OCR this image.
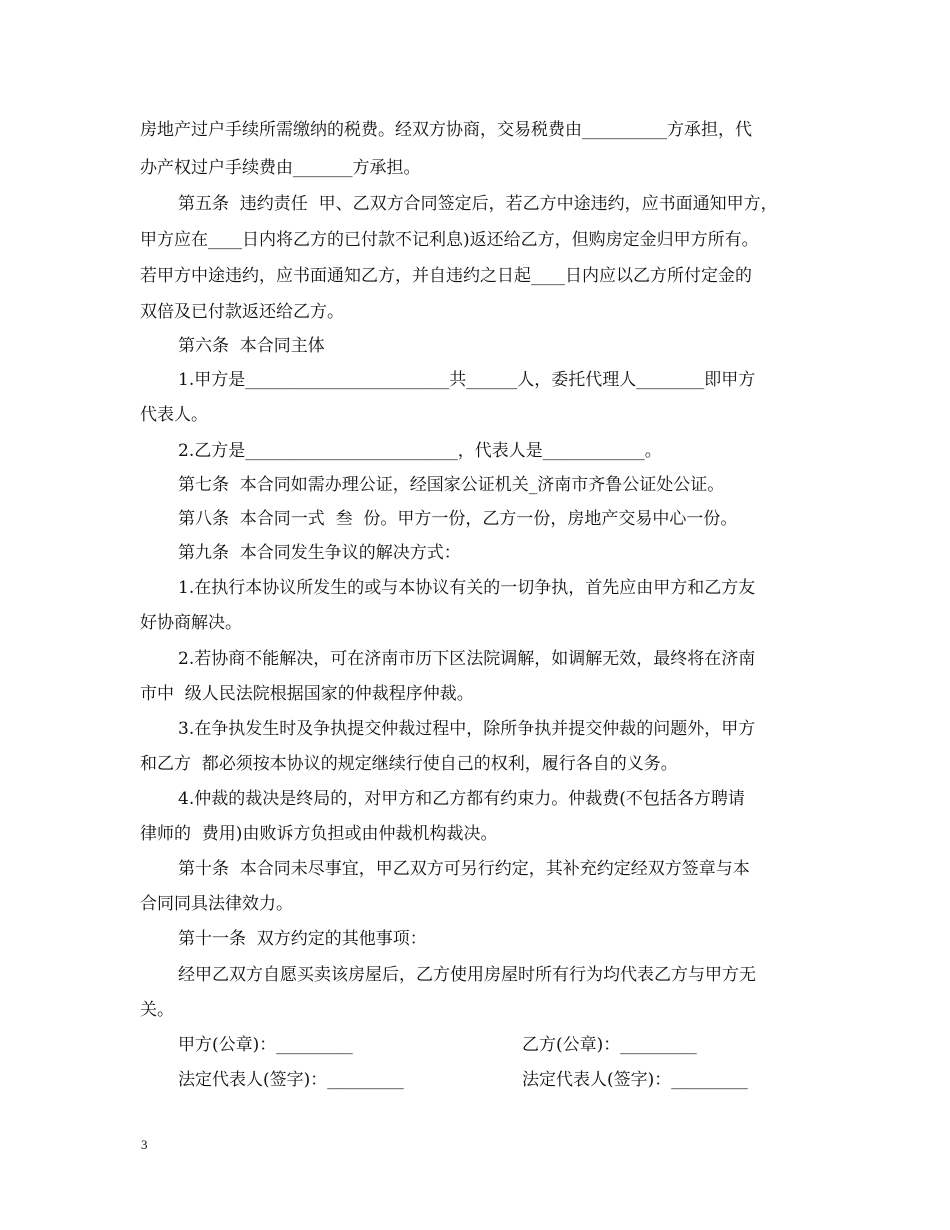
房地产过户手续所需缴纳的税费。经双方协商，交易税费由__________方承担，代
办产权过户手续费由_______方承担。
第五条  违约责任  甲、乙双方合同签定后，若乙方中途违约，应书面通知甲方，
甲方应在____日内将乙方的已付款不记利息)返还给乙方，但购房定金归甲方所有。
若甲方中途违约，应书面通知乙方，并自违约之日起____日内应以乙方所付定金的
双倍及已付款返还给乙方。
第六条  本合同主体
1.甲方是________________________共______人，委托代理人________即甲方
代表人。
2.乙方是_________________________，代表人是____________。
第七条  本合同如需办理公证，经国家公证机关_济南市齐鲁公证处公证。
第八条  本合同一式  叁  份。甲方一份，乙方一份，房地产交易中心一份。
第九条  本合同发生争议的解决方式：
1.在执行本协议所发生的或与本协议有关的一切争执，首先应由甲方和乙方友
好协商解决。
2.若协商不能解决，可在济南市历下区法院调解，如调解无效，最终将在济南
市中  级人民法院根据国家的仲裁程序仲裁。
3.在争执发生时及争执提交仲裁过程中，除所争执并提交仲裁的问题外，甲方
和乙方  都必须按本协议的规定继续行使自己的权利，履行各自的义务。
4.仲裁的裁决是终局的，对甲方和乙方都有约束力。仲裁费(不包括各方聘请
律师的  费用)由败诉方负担或由仲裁机构裁决。
第十条  本合同未尽事宜，甲乙双方可另行约定，其补充约定经双方签章与本
合同同具法律效力。
第十一条  双方约定的其他事项：
经甲乙双方自愿买卖该房屋后，乙方使用房屋时所有行为均代表乙方与甲方无
关。
甲方(公章)：_________	乙方(公章)：_________
法定代表人(签字)：_________	法定代表人(签字)：_________
3
